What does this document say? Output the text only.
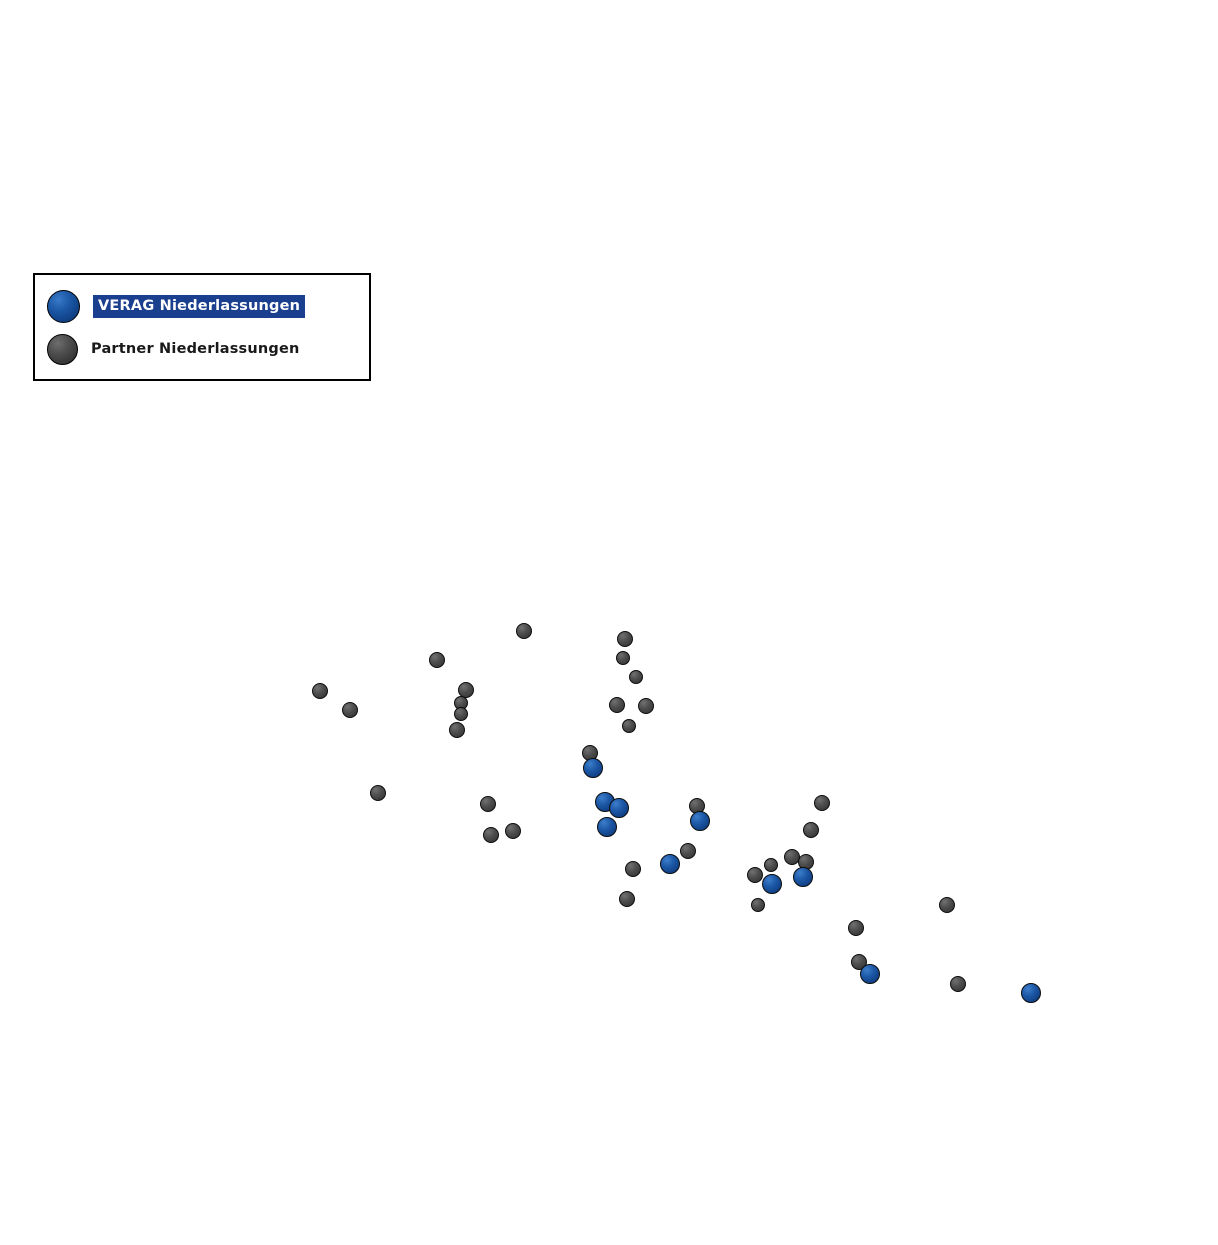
VERAG Niederlassungen
Partner Niederlassungen
